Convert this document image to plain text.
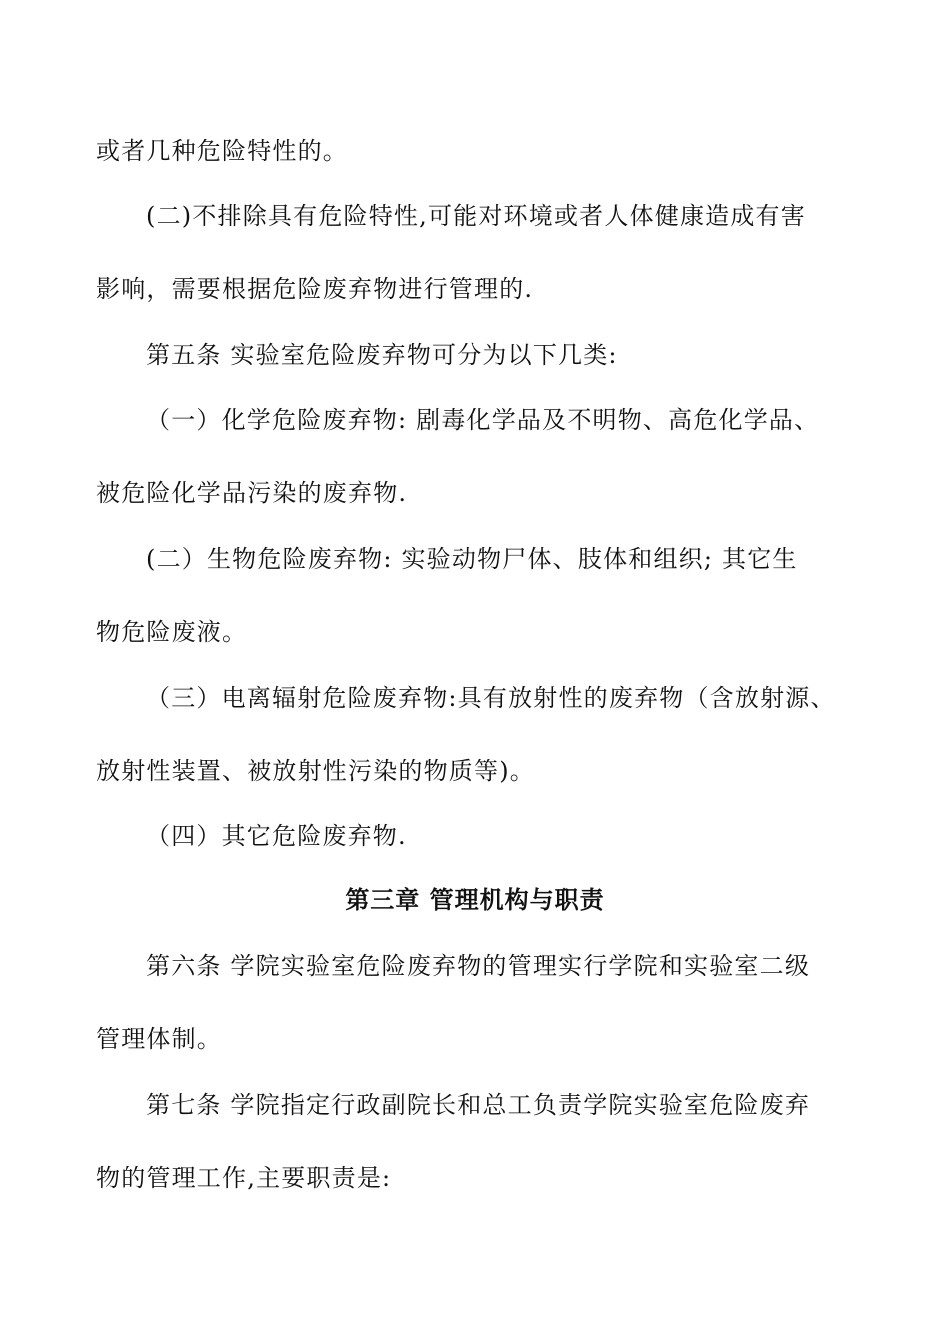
或者几种危险特性的。
(二)不排除具有危险特性,可能对环境或者人体健康造成有害
影响，需要根据危险废弃物进行管理的.
第五条 实验室危险废弃物可分为以下几类:
（一）化学危险废弃物: 剧毒化学品及不明物、高危化学品、
被危险化学品污染的废弃物.
(二）生物危险废弃物: 实验动物尸体、肢体和组织; 其它生
物危险废液。
（三）电离辐射危险废弃物:具有放射性的废弃物（含放射源、
放射性装置、被放射性污染的物质等)。
（四）其它危险废弃物.
第三章 管理机构与职责
第六条 学院实验室危险废弃物的管理实行学院和实验室二级
管理体制。
第七条 学院指定行政副院长和总工负责学院实验室危险废弃
物的管理工作,主要职责是:
